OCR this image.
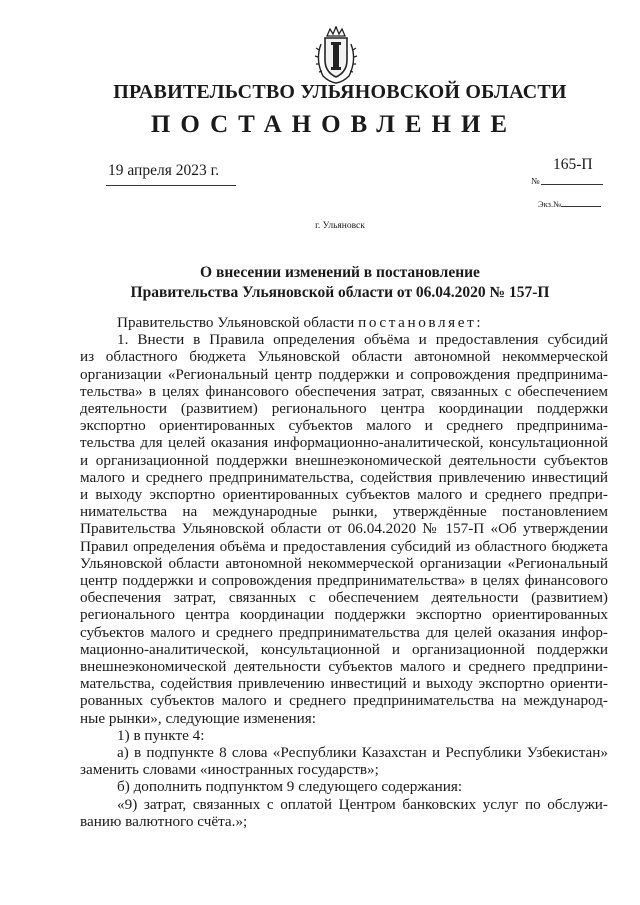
ПРАВИТЕЛЬСТВО УЛЬЯНОВСКОЙ ОБЛАСТИ
ПОСТАНОВЛЕНИЕ
19 апреля 2023 г.	165-П
№
Экз.№
г. Ульяновск
О внесении изменений в постановление
Правительства Ульяновской области от 06.04.2020 № 157-П

Правительство Ульяновской области постановляет:

1. Внести в Правила определения объёма и предоставления субсидий

из областного бюджета Ульяновской области автономной некоммерческой

организации «Региональный центр поддержки и сопровождения предпринима-

тельства» в целях финансового обеспечения затрат, связанных с обеспечением

деятельности (развитием) регионального центра координации поддержки

экспортно ориентированных субъектов малого и среднего предпринима-

тельства для целей оказания информационно-аналитической, консультационной

и организационной поддержки внешнеэкономической деятельности субъектов

малого и среднего предпринимательства, содействия привлечению инвестиций

и выходу экспортно ориентированных субъектов малого и среднего предпри-

нимательства на международные рынки, утверждённые постановлением

Правительства Ульяновской области от 06.04.2020 № 157-П «Об утверждении

Правил определения объёма и предоставления субсидий из областного бюджета

Ульяновской области автономной некоммерческой организации «Региональный

центр поддержки и сопровождения предпринимательства» в целях финансового

обеспечения затрат, связанных с обеспечением деятельности (развитием)

регионального центра координации поддержки экспортно ориентированных

субъектов малого и среднего предпринимательства для целей оказания инфор-

мационно-аналитической, консультационной и организационной поддержки

внешнеэкономической деятельности субъектов малого и среднего предприни-

мательства, содействия привлечению инвестиций и выходу экспортно ориенти-

рованных субъектов малого и среднего предпринимательства на международ-

ные рынки», следующие изменения:

1) в пункте 4:

а) в подпункте 8 слова «Республики Казахстан и Республики Узбекистан»

заменить словами «иностранных государств»;

б) дополнить подпунктом 9 следующего содержания:

«9) затрат, связанных с оплатой Центром банковских услуг по обслужи-

ванию валютного счёта.»;
